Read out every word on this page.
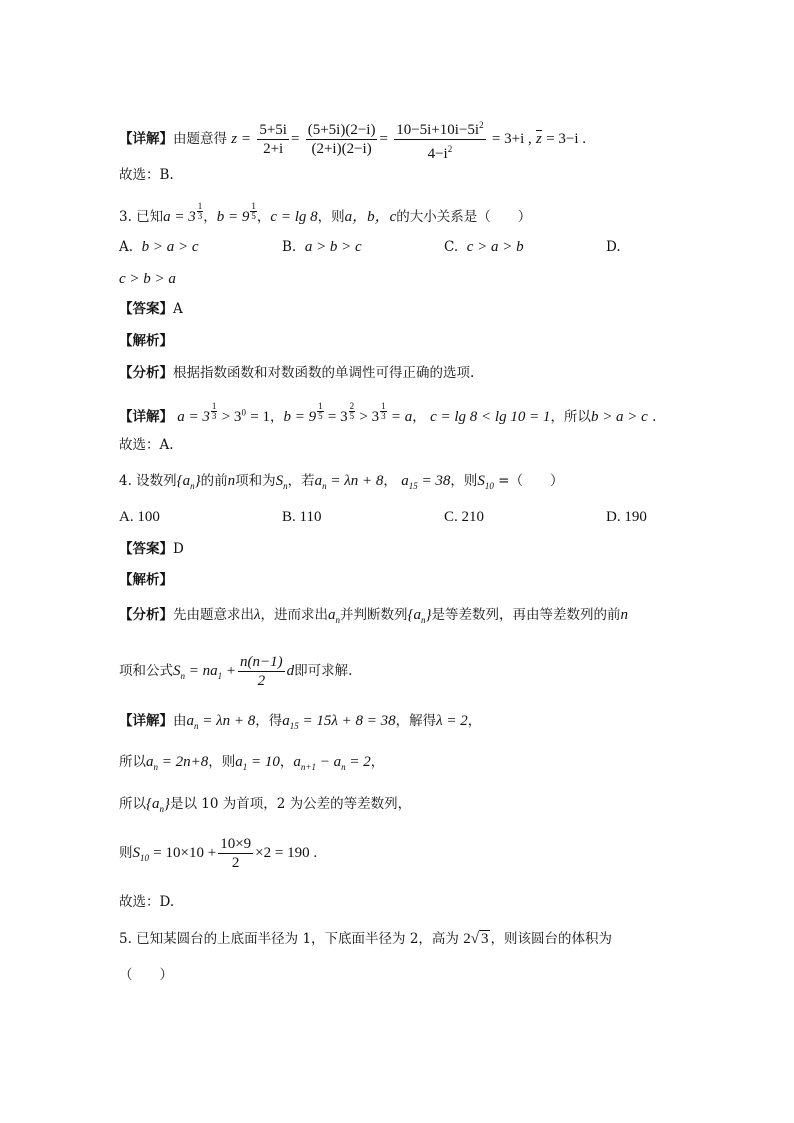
【详解】由题意得 $z = \frac{5+5i}{2+i} = \frac{(5+5i)(2-i)}{(2+i)(2-i)} = \frac{10-5i+10i-5i^2}{4-i^2} = 3+i$ , $\overline{z} = 3-i$ .
故选：B.
3. 已知$a = 3 \frac{1}{3}$ ，$b = 9 \frac{1}{5}$ ，c = lg 8，则a，b，c的大小关系是（　　）
A. b > a > c	B. a > b > c	C. c > a > b	D.
c > b > a
【答案】A
【解析】
【分析】根据指数函数和对数函数的单调性可得正确的选项.
【详解】 $a = 3 \frac{1}{3} > 3^0 = 1$，$b = 9 \frac{1}{5} = 3 \frac{2}{5} > 3 \frac{1}{3} = a$， c = lg 8 < lg 10 = 1，所以b > a > c .
故选：A.
4. 设数列$\{a_n\}$的前n项和为$S_n$，若$a_n = \lambda n + 8$， $a_{15} = 38$，则$S_{10}$ =（　　）
A. 100	B. 110	C. 210	D. 190
【答案】D
【解析】
【分析】先由题意求出λ，进而求出$a_n$并判断数列$\{a_n\}$是等差数列，再由等差数列的前n
项和公式$S_n = na_1 + \frac{n(n-1)}{2}$ d即可求解.
【详解】由$a_n = \lambda n + 8$，得$a_{15} = 15\lambda + 8 = 38$，解得λ = 2，
所以$a_n = 2n+8$，则$a_1 = 10$，$a_{n+1} - a_n = 2$，
所以$\{a_n\}$是以 10 为首项，2 为公差的等差数列，
则$S_{10} = 10\times 10 + \frac{10\times 9}{2} \times 2 = 190$ .
故选：D.
5. 已知某圆台的上底面半径为 1，下底面半径为 2，高为 2√ 3 ，则该圆台的体积为
（　　）
